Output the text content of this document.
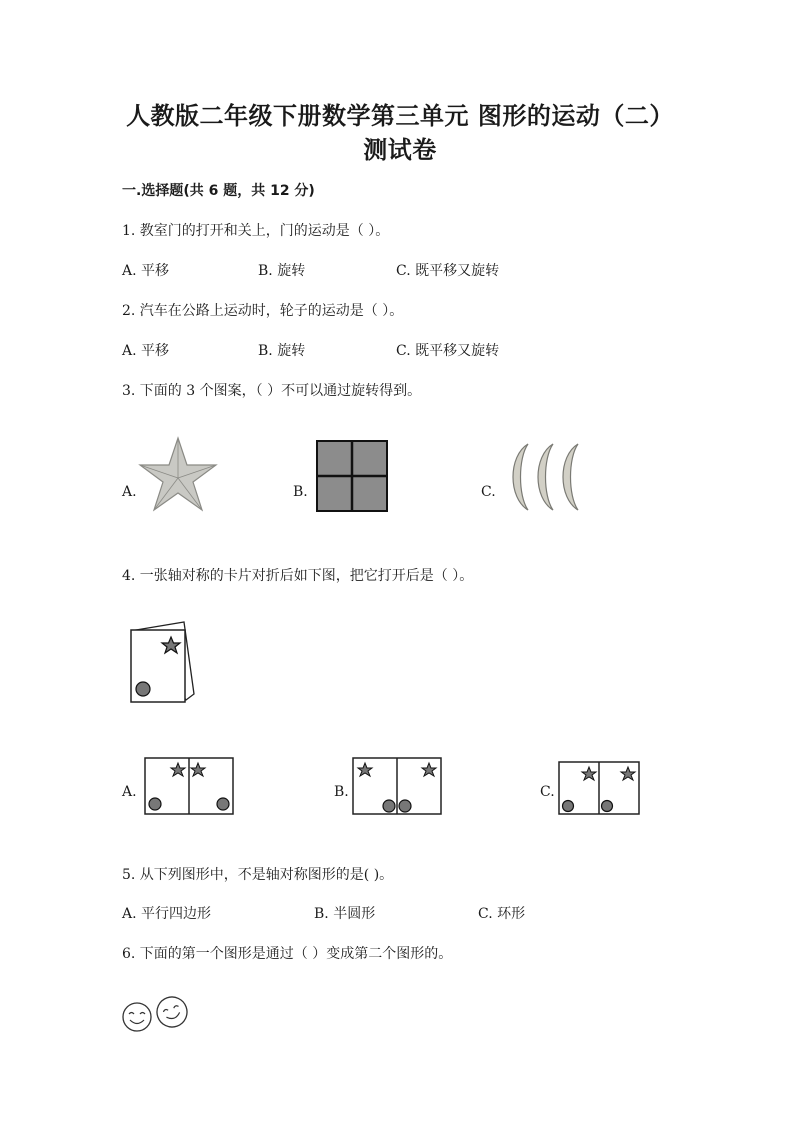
人教版二年级下册数学第三单元 图形的运动（二）
测试卷
一.选择题(共 6 题，共 12 分)
1. 教室门的打开和关上，门的运动是（ ）。
A. 平移	B. 旋转	C. 既平移又旋转
2. 汽车在公路上运动时，轮子的运动是（ ）。
A. 平移	B. 旋转	C. 既平移又旋转
3. 下面的 3 个图案，（ ）不可以通过旋转得到。
A.	B.	C.
4. 一张轴对称的卡片对折后如下图，把它打开后是（ ）。
A.	B.	C.
5. 从下列图形中，不是轴对称图形的是( )。
A. 平行四边形	B. 半圆形	C. 环形
6. 下面的第一个图形是通过（ ）变成第二个图形的。
